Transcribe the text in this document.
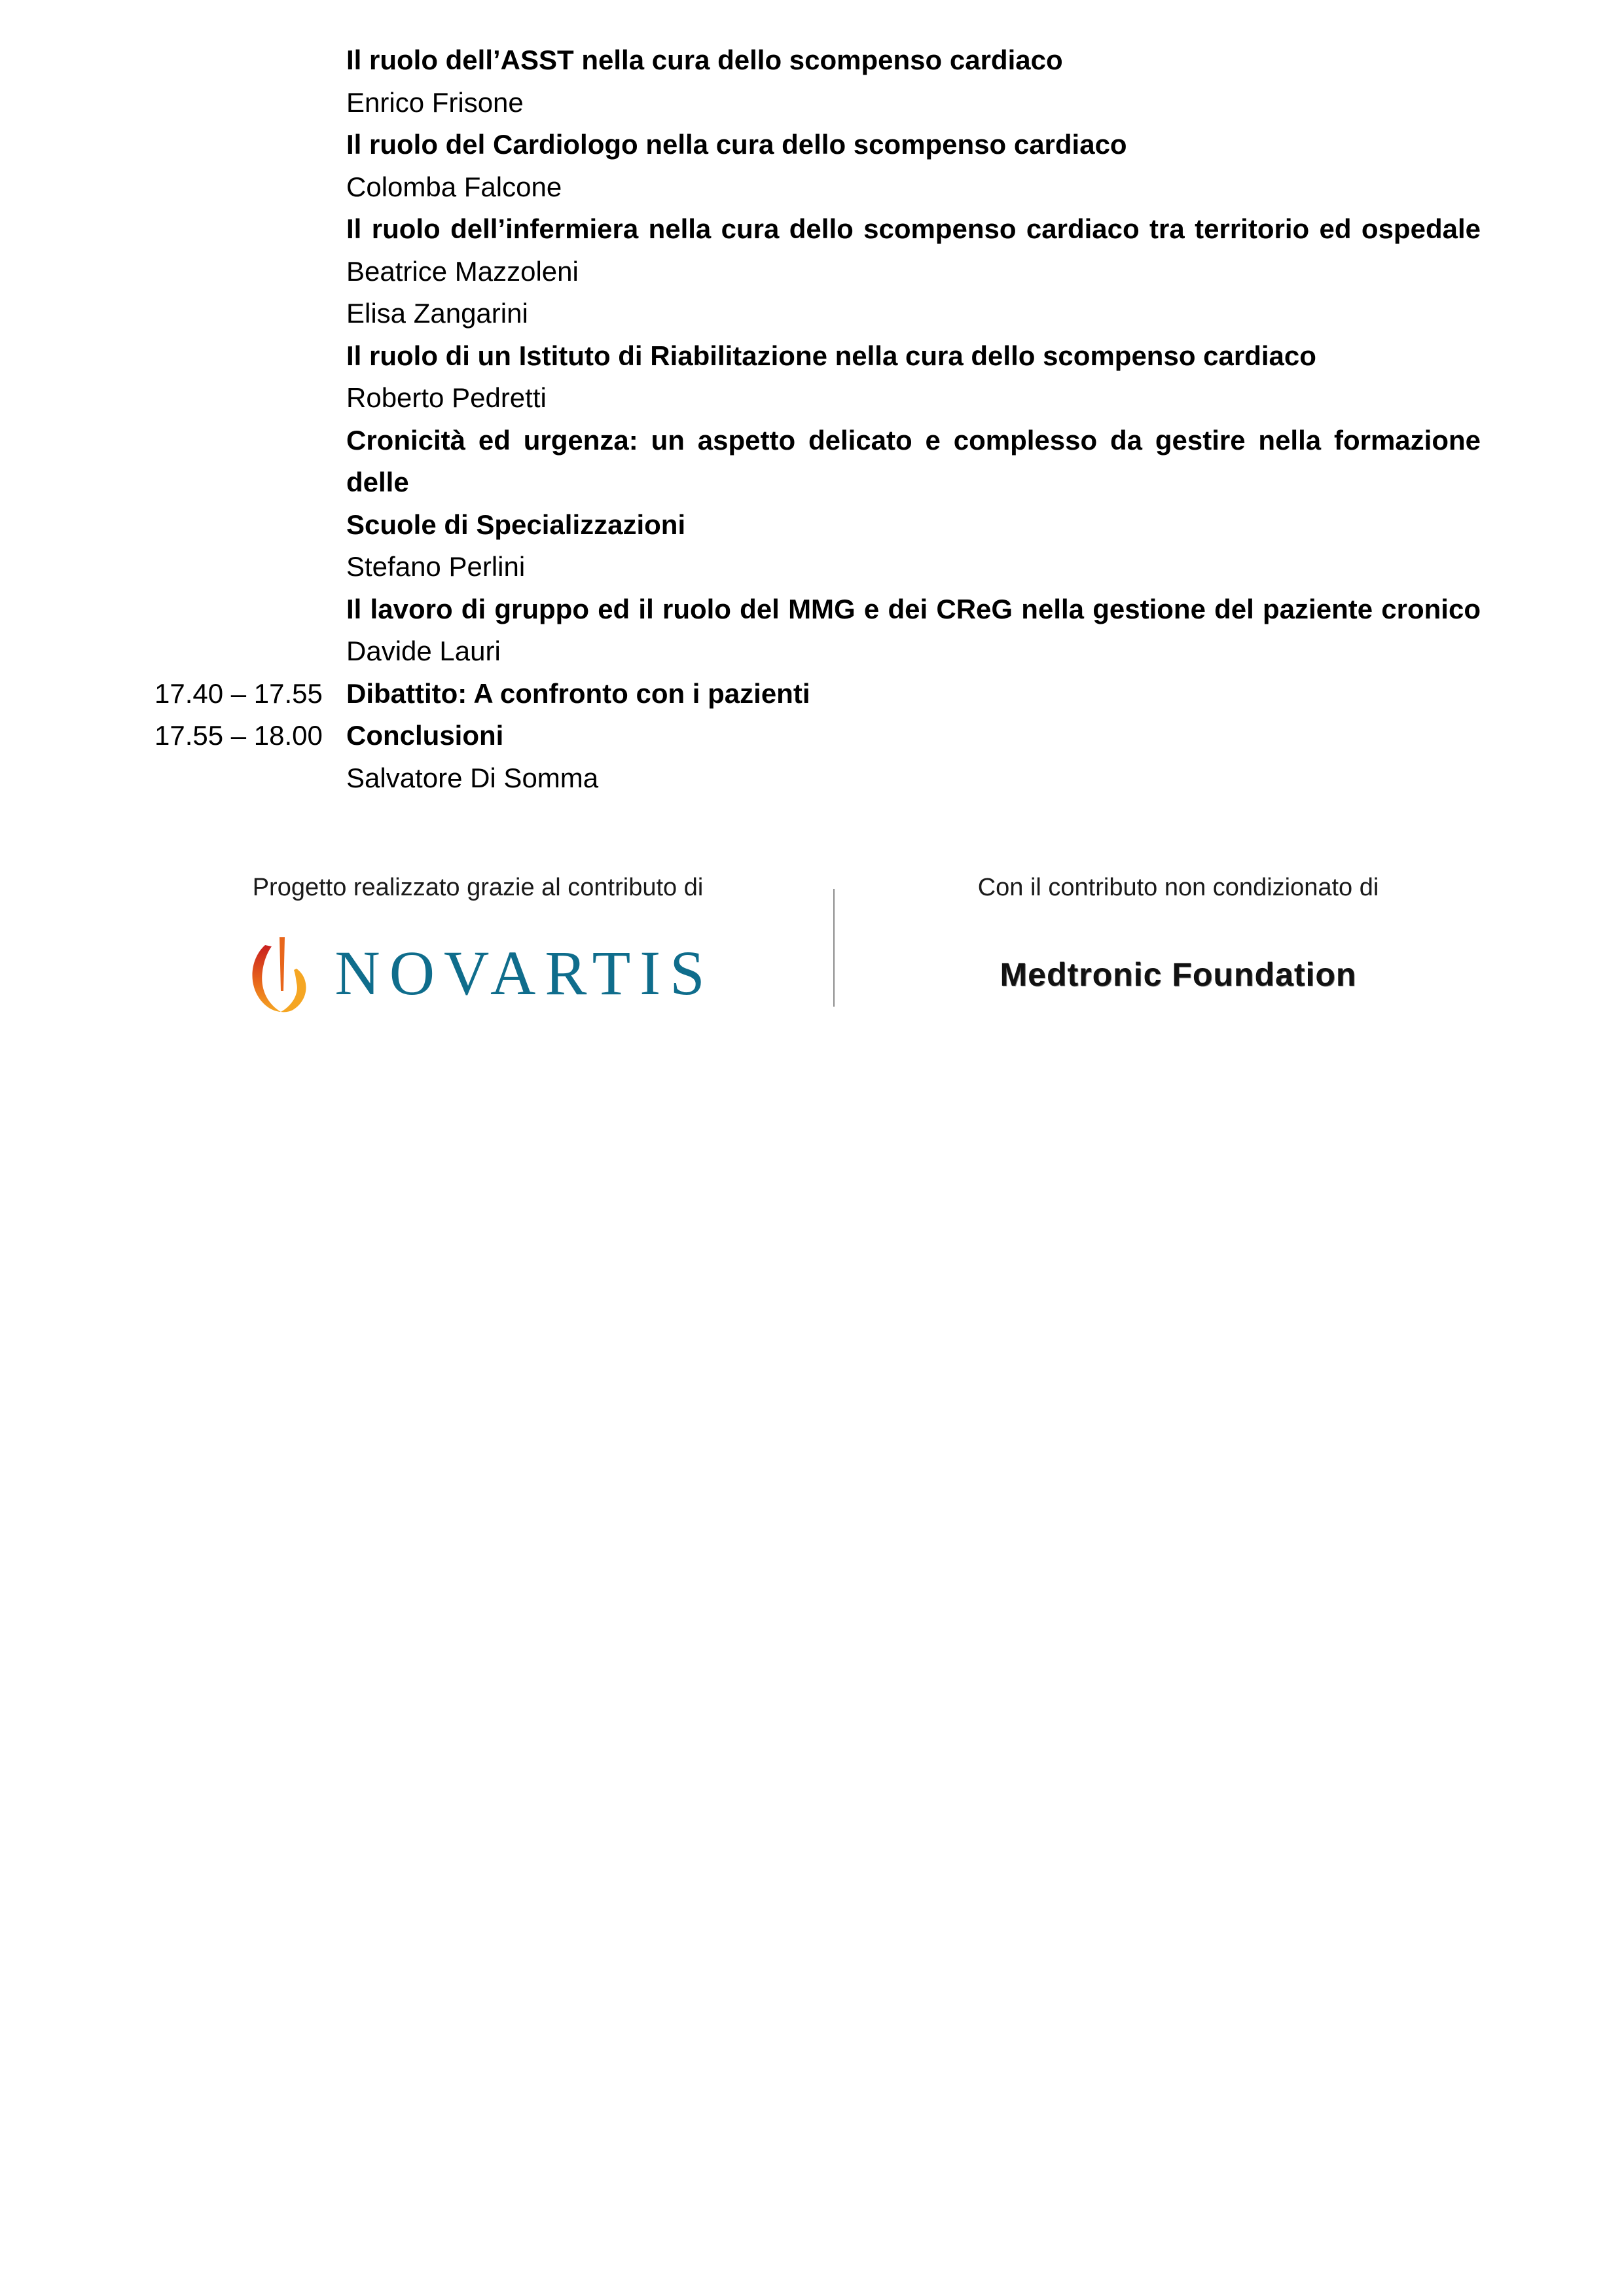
Il ruolo dell’ASST nella cura dello scompenso cardiaco
Enrico Frisone
Il ruolo del Cardiologo nella cura dello scompenso cardiaco
Colomba Falcone
Il ruolo dell’infermiera nella cura dello scompenso cardiaco tra territorio ed ospedale
Beatrice Mazzoleni
Elisa Zangarini
Il ruolo di un Istituto di Riabilitazione nella cura dello scompenso cardiaco
Roberto Pedretti
Cronicità ed urgenza: un aspetto delicato e complesso da gestire nella formazione delle
Scuole di Specializzazioni
Stefano Perlini
Il lavoro di gruppo ed il ruolo del MMG e dei CReG nella gestione del paziente cronico
Davide Lauri
17.40 – 17.55 Dibattito: A confronto con i pazienti
17.55 – 18.00 Conclusioni
Salvatore Di Somma
Progetto realizzato grazie al contributo di
NOVARTIS
Con il contributo non condizionato di
Medtronic Foundation
